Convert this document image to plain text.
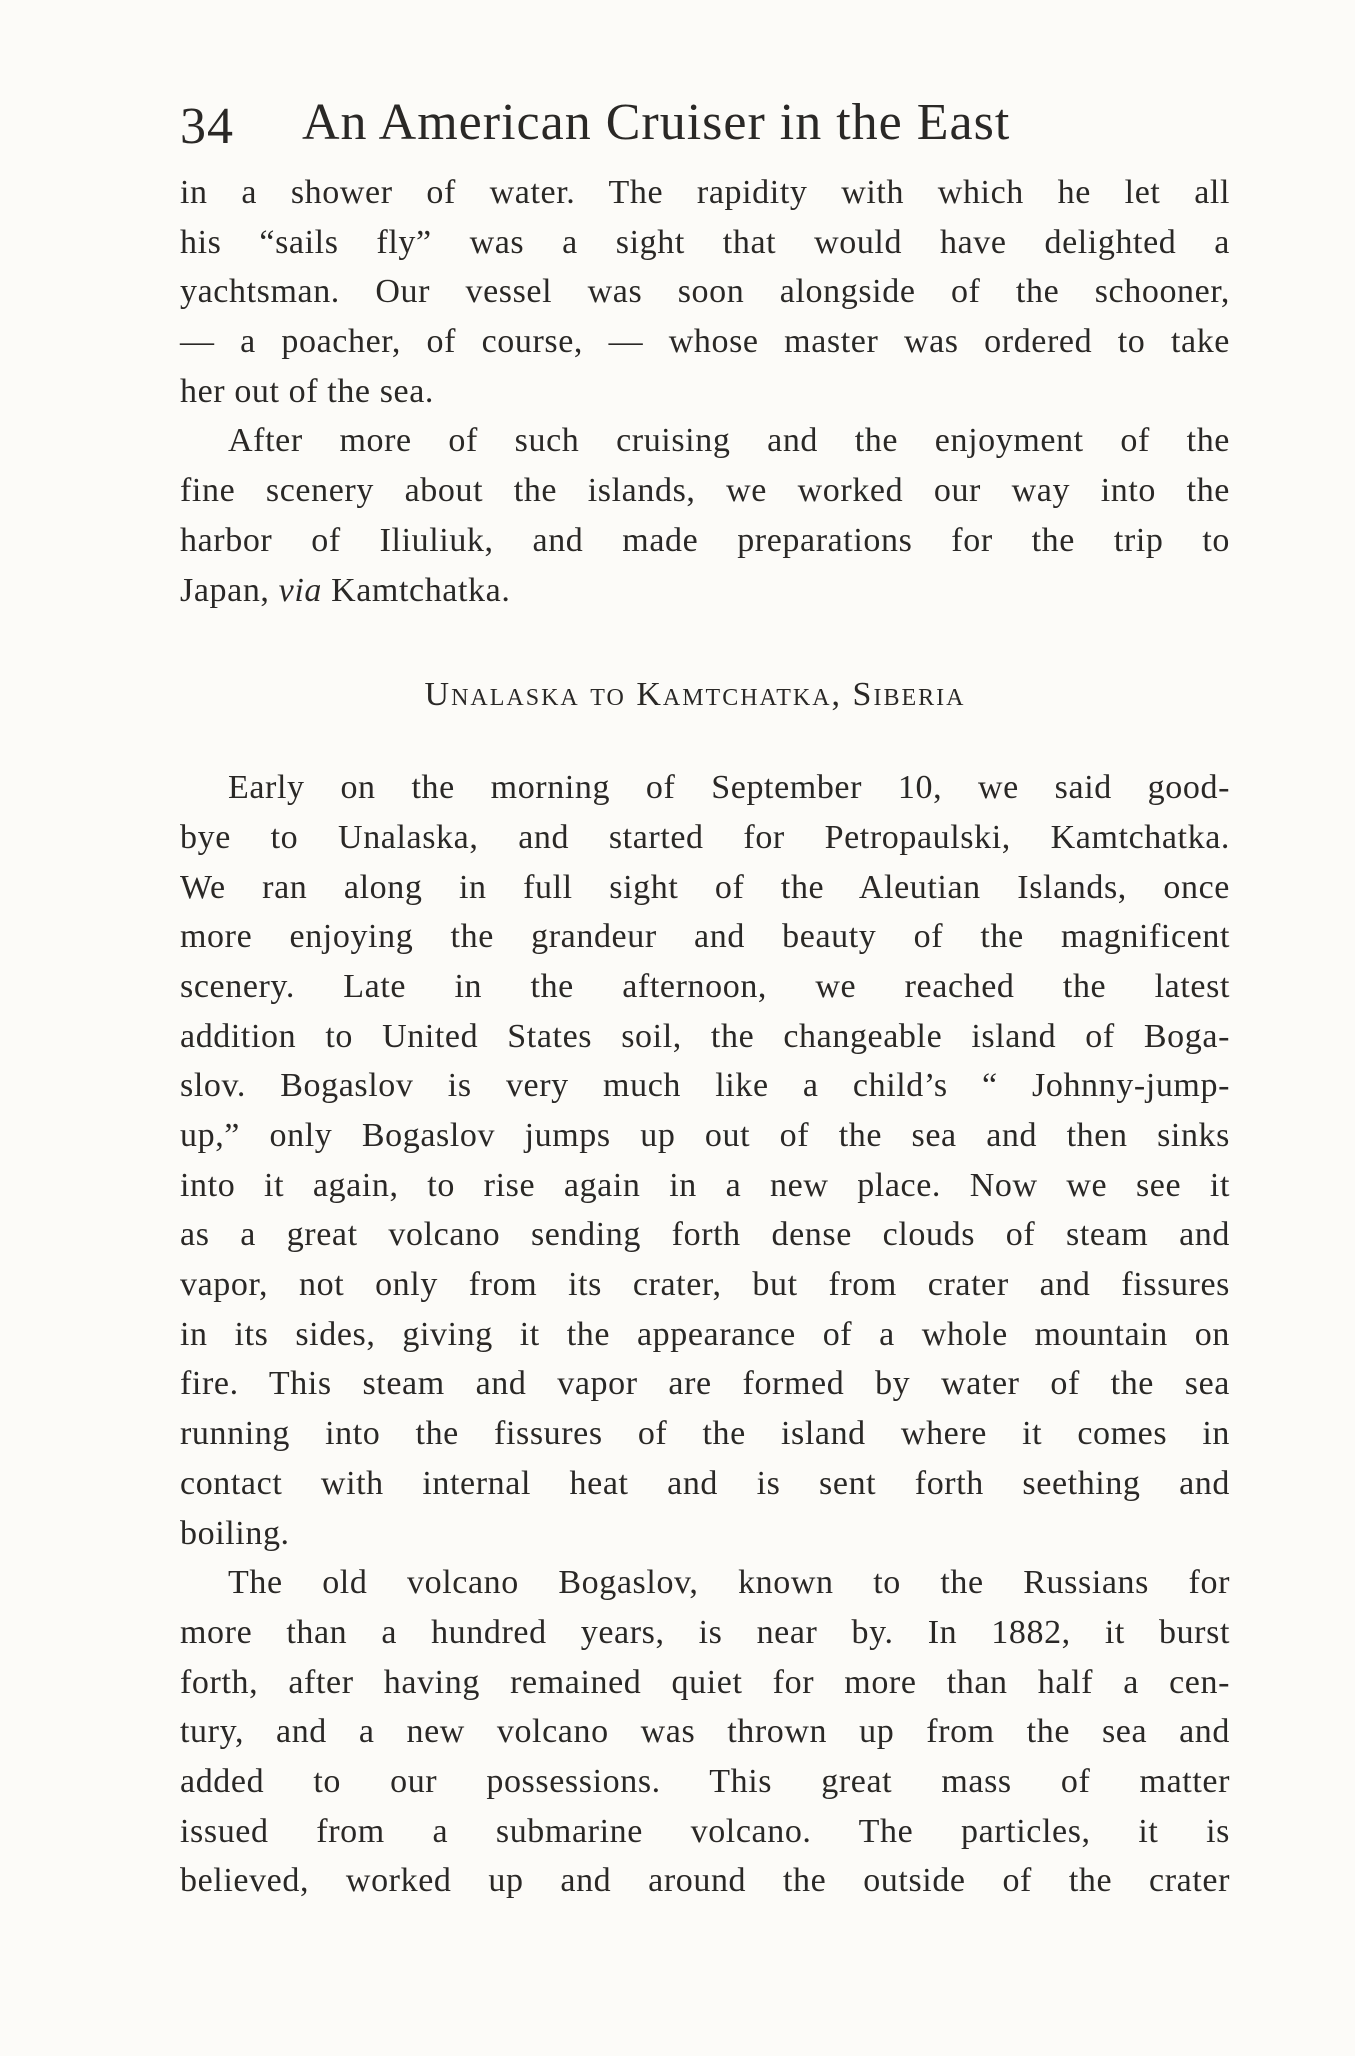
34 An American Cruiser in the East
in a shower of water. The rapidity with which he let all
his “sails fly” was a sight that would have delighted a
yachtsman. Our vessel was soon alongside of the schooner,
— a poacher, of course, — whose master was ordered to take
her out of the sea.
After more of such cruising and the enjoyment of the
fine scenery about the islands, we worked our way into the
harbor of Iliuliuk, and made preparations for the trip to
Japan, via Kamtchatka.
Unalaska to Kamtchatka, Siberia
Early on the morning of September 10, we said good-
bye to Unalaska, and started for Petropaulski, Kamtchatka.
We ran along in full sight of the Aleutian Islands, once
more enjoying the grandeur and beauty of the magnificent
scenery. Late in the afternoon, we reached the latest
addition to United States soil, the changeable island of Boga-
slov. Bogaslov is very much like a child’s “ Johnny-jump-
up,” only Bogaslov jumps up out of the sea and then sinks
into it again, to rise again in a new place. Now we see it
as a great volcano sending forth dense clouds of steam and
vapor, not only from its crater, but from crater and fissures
in its sides, giving it the appearance of a whole mountain on
fire. This steam and vapor are formed by water of the sea
running into the fissures of the island where it comes in
contact with internal heat and is sent forth seething and
boiling.
The old volcano Bogaslov, known to the Russians for
more than a hundred years, is near by. In 1882, it burst
forth, after having remained quiet for more than half a cen-
tury, and a new volcano was thrown up from the sea and
added to our possessions. This great mass of matter
issued from a submarine volcano. The particles, it is
believed, worked up and around the outside of the crater
